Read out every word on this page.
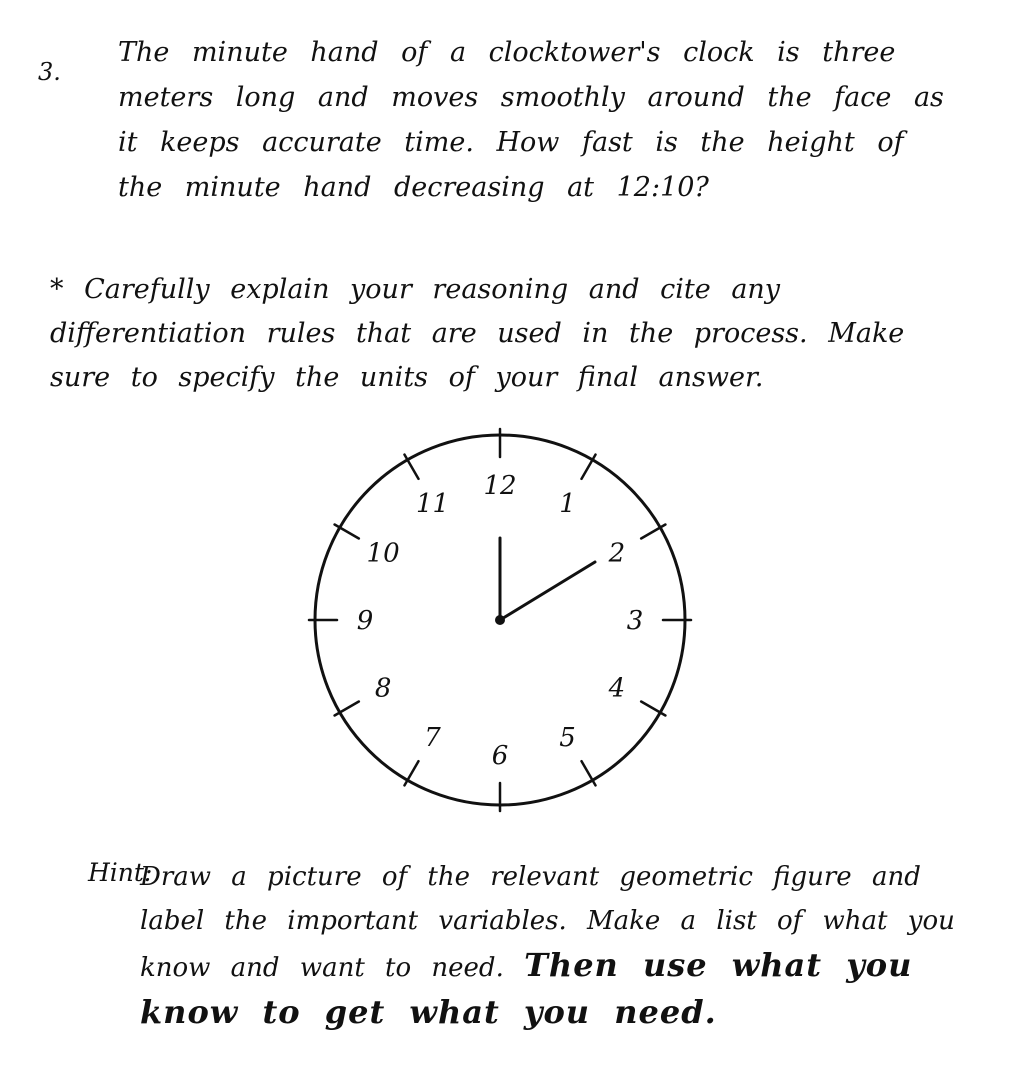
3.
The minute hand of a clocktower's clock is three meters long and moves smoothly around the face as it keeps accurate time. How fast is the height of the minute hand decreasing at 12:10?
* Carefully explain your reasoning and cite any differentiation rules that are used in the process. Make sure to specify the units of your final answer.
12
1
2
3
4
5
6
7
8
9
10
11
Hint:
Draw a picture of the relevant geometric figure and label the important variables. Make a list of what you know and want to need. Then use what you know to get what you need.
